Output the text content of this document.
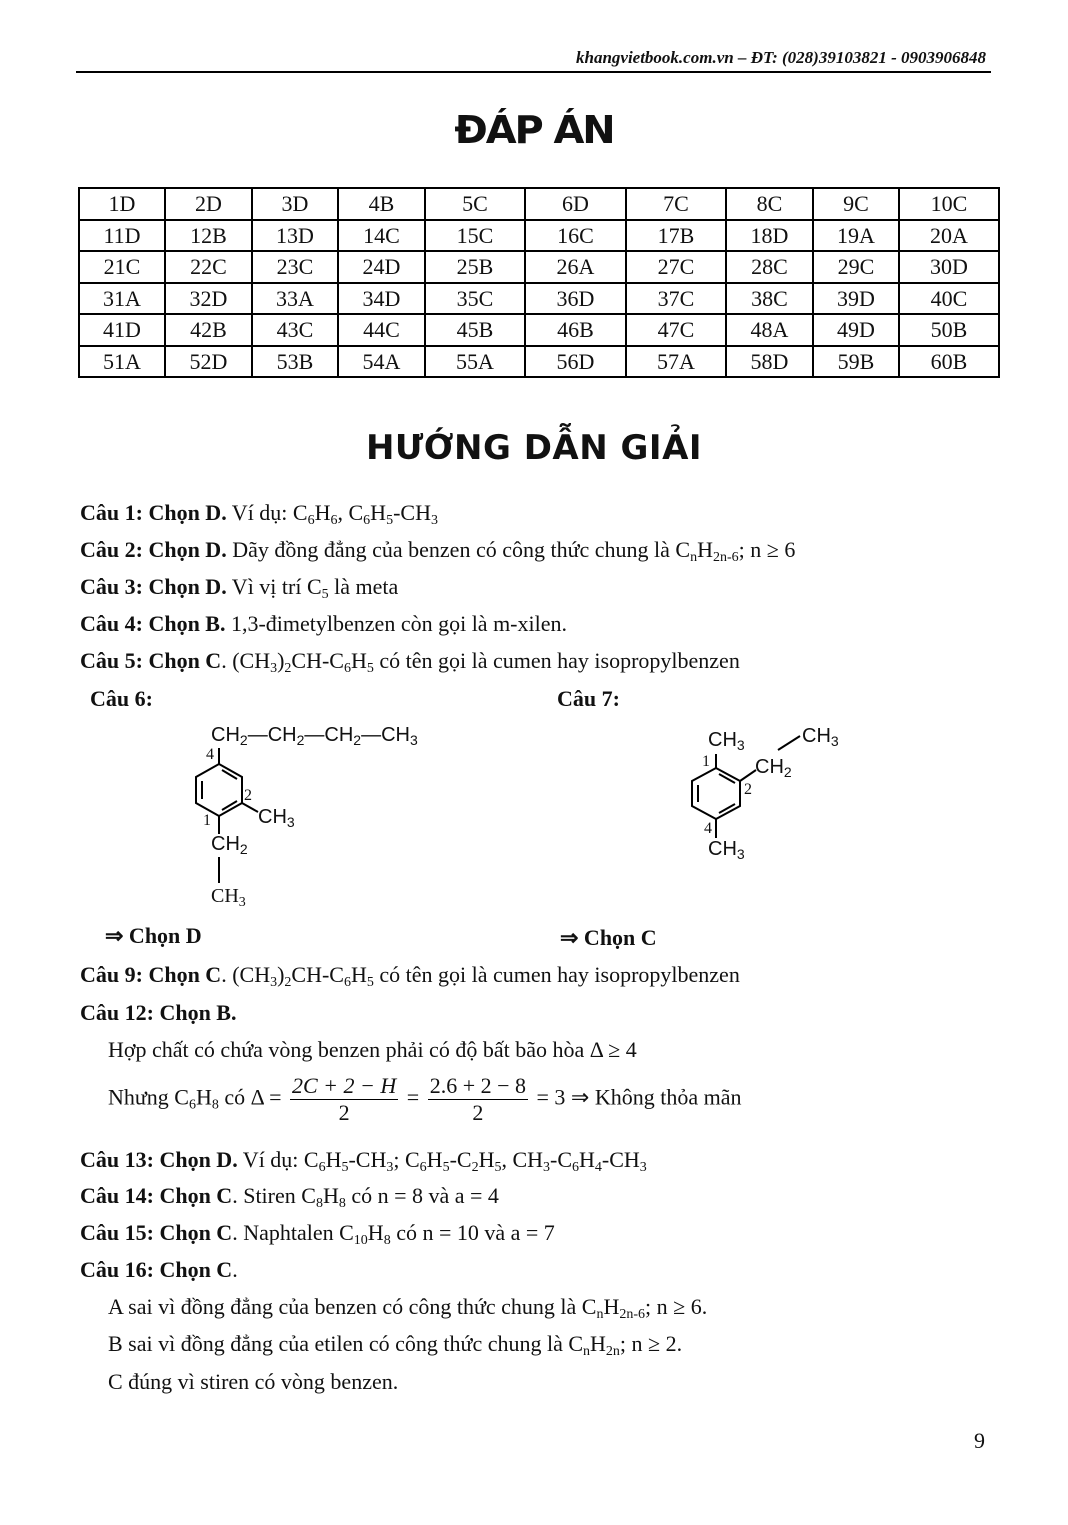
khangvietbook.com.vn – ĐT: (028)39103821 - 0903906848
ĐÁP ÁN
1D	2D	3D	4B	5C	6D	7C	8C	9C	10C
11D	12B	13D	14C	15C	16C	17B	18D	19A	20A
21C	22C	23C	24D	25B	26A	27C	28C	29C	30D
31A	32D	33A	34D	35C	36D	37C	38C	39D	40C
41D	42B	43C	44C	45B	46B	47C	48A	49D	50B
51A	52D	53B	54A	55A	56D	57A	58D	59B	60B
HƯỚNG DẪN GIẢI
Câu 1: Chọn D. Ví dụ: $C_6H_6$, $C_6H_5-CH_3$
Câu 2: Chọn D. Dãy đồng đẳng của benzen có công thức chung là $C_nH_{2n-6}$; n ≥ 6
Câu 3: Chọn D. Vì vị trí $C_5$ là meta
Câu 4: Chọn B. 1,3-đimetylbenzen còn gọi là m-xilen.
Câu 5: Chọn C. $(CH_3)_2CH-C_6H_5$ có tên gọi là cumen hay isopropylbenzen
Câu 6:	Câu 7:
$CH_2—CH_2—CH_2—CH_3$
4
2
1 $CH_3$
$CH_2$
$CH_3$
⇒ Chọn D
$CH_3$	$CH_3$
$CH_2$
1
2
4
$CH_3$
⇒ Chọn C
Câu 9: Chọn C. $(CH_3)_2CH-C_6H_5$ có tên gọi là cumen hay isopropylbenzen
Câu 12: Chọn B.
Hợp chất có chứa vòng benzen phải có độ bất bão hòa Δ ≥ 4
Nhưng $C_6H_8$ có $\Delta = \frac{2C + 2 - H}{2} = \frac{2.6 + 2 - 8}{2} = 3$ ⇒ Không thỏa mãn
Câu 13: Chọn D. Ví dụ: $C_6H_5-CH_3$; $C_6H_5-C_2H_5$, $CH_3-C_6H_4-CH_3$
Câu 14: Chọn C. Stiren $C_8H_8$ có n = 8 và a = 4
Câu 15: Chọn C. Naphtalen $C_{10}H_8$ có n = 10 và a = 7
Câu 16: Chọn C.
A sai vì đồng đẳng của benzen có công thức chung là $C_nH_{2n-6}$; n ≥ 6.
B sai vì đồng đẳng của etilen có công thức chung là $C_nH_{2n}$; n ≥ 2.
C đúng vì stiren có vòng benzen.
9
